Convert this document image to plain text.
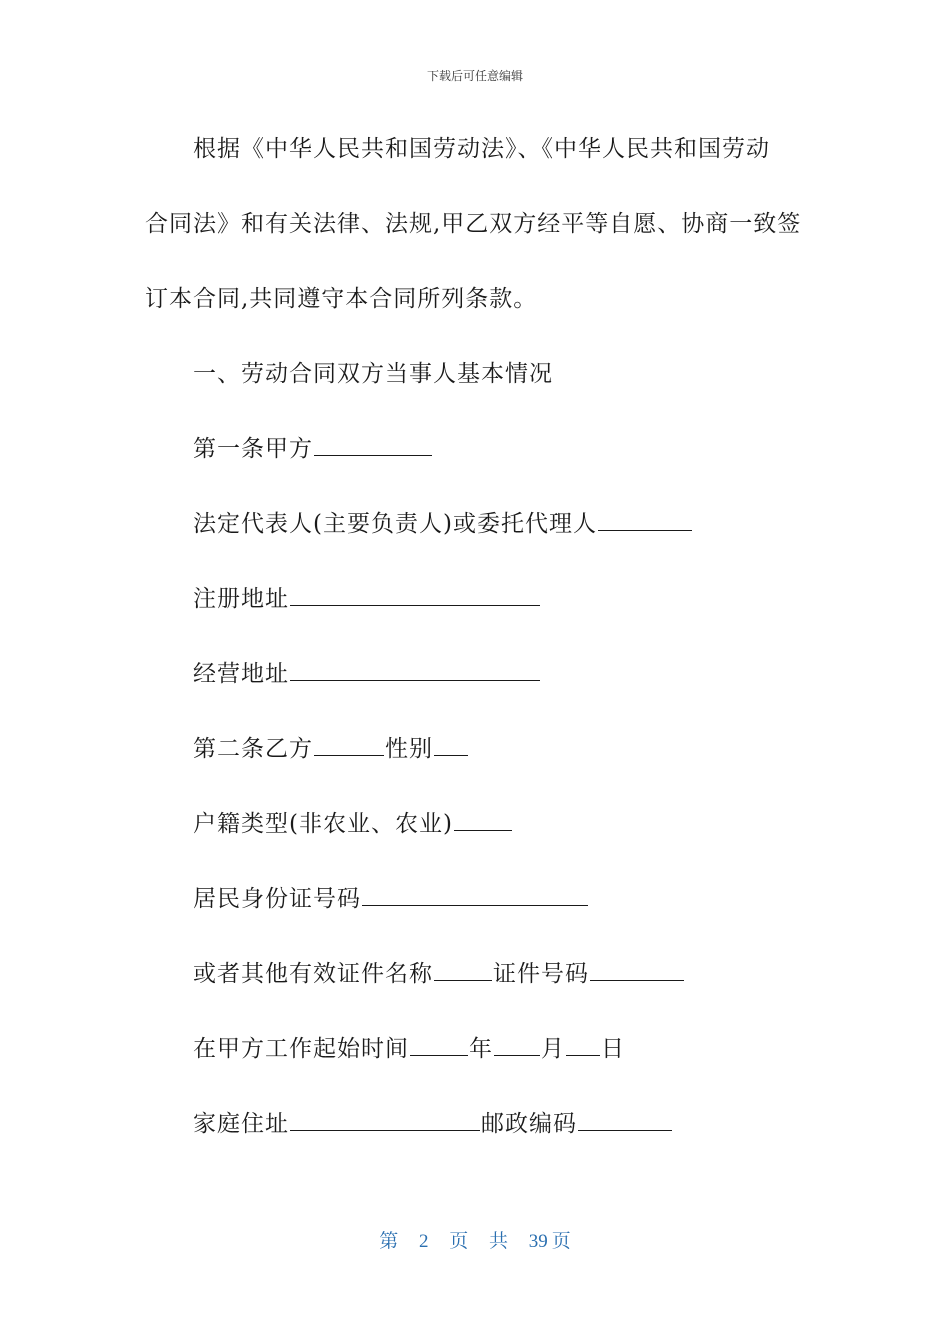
下载后可任意编辑
根据《中华人民共和国劳动法》、《中华人民共和国劳动
合同法》和有关法律、法规,甲乙双方经平等自愿、协商一致签
订本合同,共同遵守本合同所列条款。
一、劳动合同双方当事人基本情况
第一条甲方
法定代表人(主要负责人)或委托代理人
注册地址
经营地址
第二条乙方	性别
户籍类型(非农业、农业)
居民身份证号码
或者其他有效证件名称	证件号码
在甲方工作起始时间	年 月 日
家庭住址	邮政编码
第 2 页 共 39 页
